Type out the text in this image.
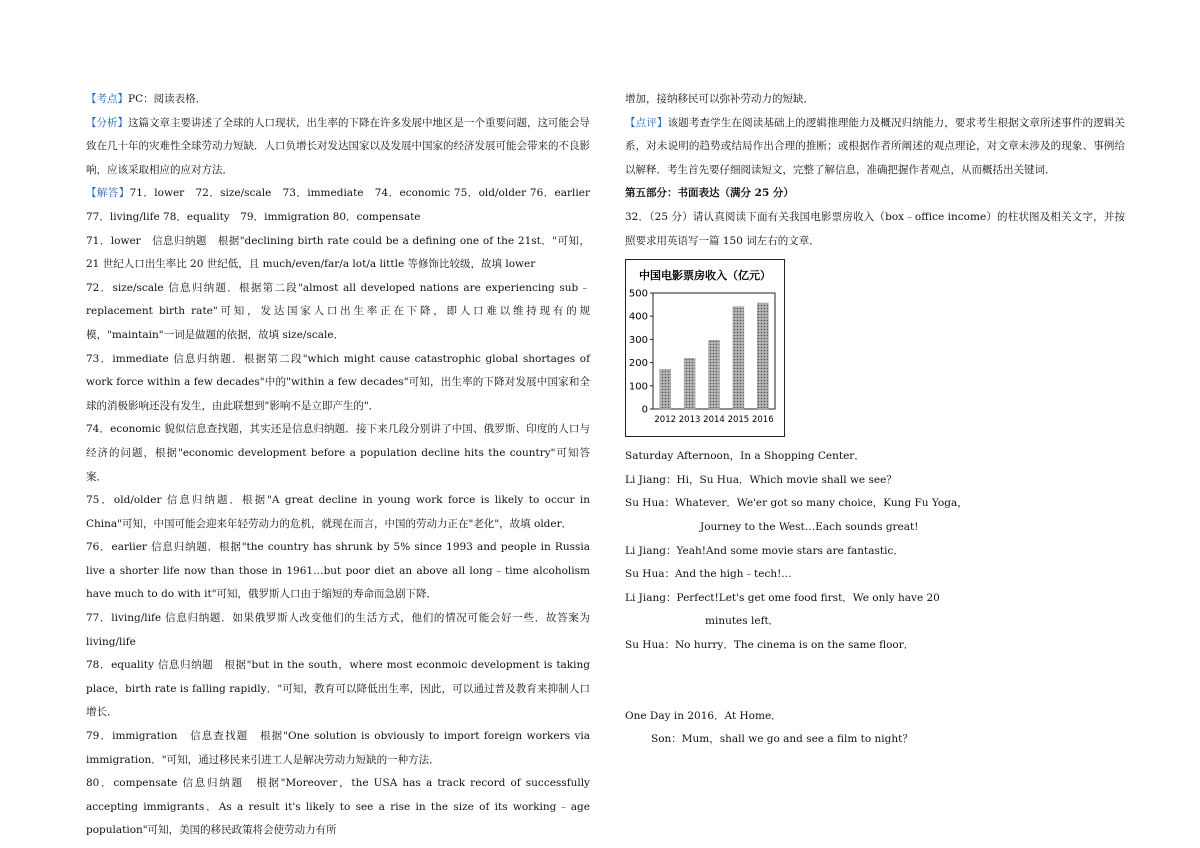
【考点】PC：阅读表格．

【分析】这篇文章主要讲述了全球的人口现状，出生率的下降在许多发展中地区是一个重要问题，这可能会导致在几十年的灾难性全球劳动力短缺．人口负增长对发达国家以及发展中国家的经济发展可能会带来的不良影响，应该采取相应的应对方法．

【解答】71．lower　72．size/scale　73．immediate　74．economic 75．old/older 76．earlier 77．living/life 78．equality　79．immigration 80．compensate

71．lower　信息归纳题　根据"declining birth rate could be a defining one of the 21st．"可知，21 世纪人口出生率比 20 世纪低，且 much/even/far/a lot/a little 等修饰比较级，故填 lower

72．size/scale 信息归纳题．根据第二段"almost all developed nations are experiencing sub﹣replacement birth rate"可知，发达国家人口出生率正在下降，即人口难以维持现有的规模，"maintain"一词是做题的依据，故填 size/scale．

73．immediate 信息归纳题．根据第二段"which might cause catastrophic global shortages of work force within a few decades"中的"within a few decades"可知，出生率的下降对发展中国家和全球的消极影响还没有发生，由此联想到"影响不是立即产生的"．

74．economic 貌似信息查找题，其实还是信息归纳题．接下来几段分别讲了中国、俄罗斯、印度的人口与经济的问题，根据"economic development before a population decline hits the country"可知答案．

75．old/older 信息归纳题．根据"A great decline in young work force is likely to occur in China"可知，中国可能会迎来年轻劳动力的危机，就现在而言，中国的劳动力正在"老化"，故填 older．

76．earlier 信息归纳题．根据"the country has shrunk by 5% since 1993 and people in Russia live a shorter life now than those in 1961…but poor diet an above all long﹣time alcoholism have much to do with it"可知，俄罗斯人口由于缩短的寿命而急剧下降．

77．living/life 信息归纳题．如果俄罗斯人改变他们的生活方式，他们的情况可能会好一些．故答案为 living/life

78．equality 信息归纳题　根据"but in the south，where most econmoic development is taking place，birth rate is falling rapidly．"可知，教育可以降低出生率，因此，可以通过普及教育来抑制人口增长．

79．immigration　信息查找题　根据"One solution is obviously to import foreign workers via immigration．"可知，通过移民来引进工人是解决劳动力短缺的一种方法．

80．compensate 信息归纳题　根据"Moreover，the USA has a track record of successfully accepting immigrants．As a result it's likely to see a rise in the size of its working﹣age population"可知，美国的移民政策将会使劳动力有所

增加，接纳移民可以弥补劳动力的短缺．

【点评】该题考查学生在阅读基础上的逻辑推理能力及概况归纳能力，要求考生根据文章所述事件的逻辑关系，对未说明的趋势或结局作出合理的推断；或根据作者所阐述的观点理论，对文章未涉及的现象、事例给以解释．考生首先要仔细阅读短文，完整了解信息，准确把握作者观点，从而概括出关键词．

第五部分：书面表达（满分 25 分）

32．（25 分）请认真阅读下面有关我国电影票房收入（box﹣office income）的柱状图及相关文字，并按照要求用英语写一篇 150 词左右的文章．

中国电影票房收入（亿元）
0
100
200
300
400
500
2012 2013 2014 2015 2016

Saturday Afternoon，In a Shopping Center．

Li Jiang：Hi，Su Hua．Which movie shall we see？

Su Hua：Whatever．We'er got so many choice，Kung Fu Yoga，

Journey to the West…Each sounds great!

Li Jiang：Yeah!And some movie stars are fantastic．

Su Hua：And the high﹣tech!…

Li Jiang：Perfect!Let's get ome food first．We only have 20

minutes left．

Su Hua：No hurry．The cinema is on the same floor．

One Day in 2016．At Home．

Son：Mum，shall we go and see a film to night？
